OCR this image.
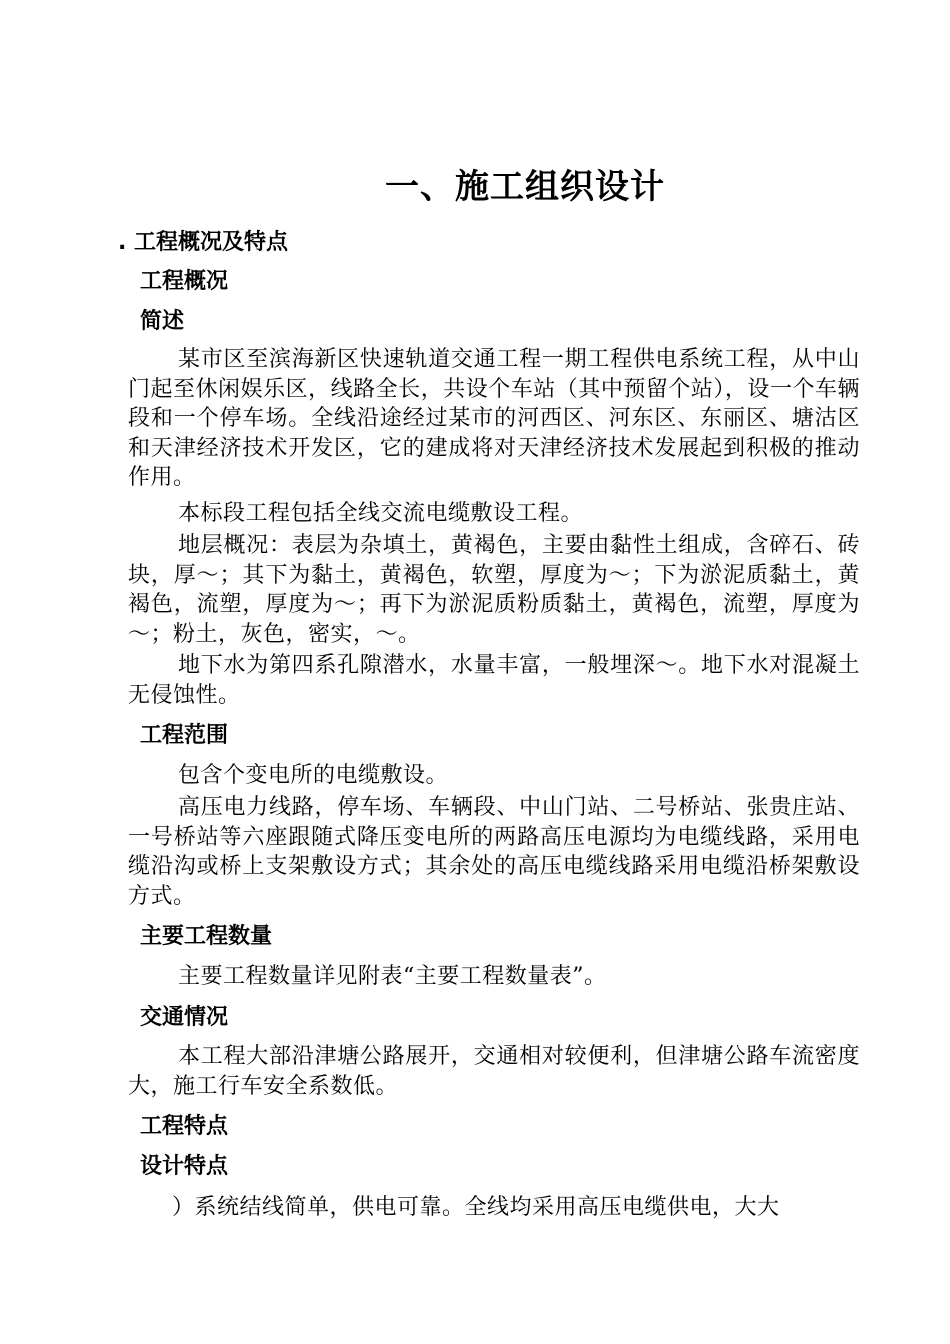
一、施工组织设计
. 工程概况及特点
工程概况
简述
某市区至滨海新区快速轨道交通工程一期工程供电系统工程，从中山门起至休闲娱乐区，线路全长，共设个车站（其中预留个站），设一个车辆段和一个停车场。全线沿途经过某市的河西区、河东区、东丽区、塘沽区和天津经济技术开发区，它的建成将对天津经济技术发展起到积极的推动作用。
本标段工程包括全线交流电缆敷设工程。
地层概况：表层为杂填土，黄褐色，主要由黏性土组成，含碎石、砖块，厚～；其下为黏土，黄褐色，软塑，厚度为～；下为淤泥质黏土，黄褐色，流塑，厚度为～；再下为淤泥质粉质黏土，黄褐色，流塑，厚度为～；粉土，灰色，密实，～。
地下水为第四系孔隙潜水，水量丰富，一般埋深～。地下水对混凝土无侵蚀性。
工程范围
包含个变电所的电缆敷设。
高压电力线路，停车场、车辆段、中山门站、二号桥站、张贵庄站、一号桥站等六座跟随式降压变电所的两路高压电源均为电缆线路，采用电缆沿沟或桥上支架敷设方式；其余处的高压电缆线路采用电缆沿桥架敷设方式。
主要工程数量
主要工程数量详见附表“主要工程数量表”。
交通情况
本工程大部沿津塘公路展开，交通相对较便利，但津塘公路车流密度大，施工行车安全系数低。
工程特点
设计特点
）系统结线简单，供电可靠。全线均采用高压电缆供电，大大
